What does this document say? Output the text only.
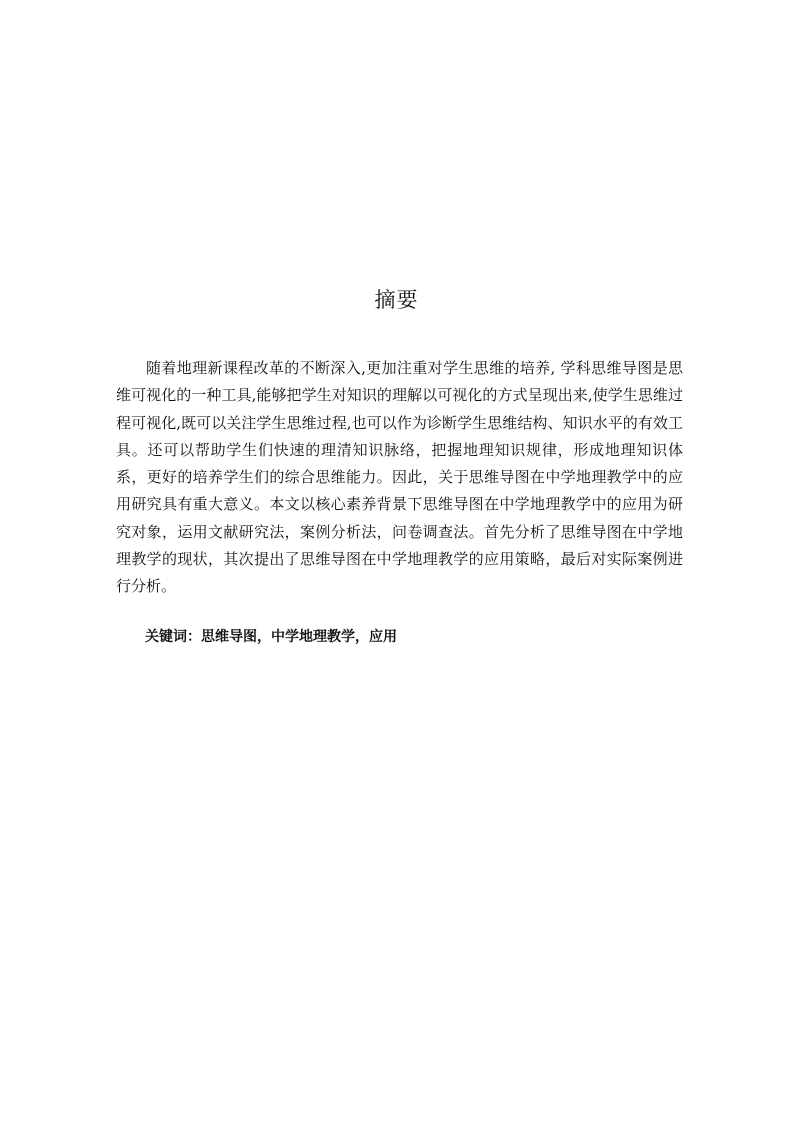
摘要

随着地理新课程改革的不断深入,更加注重对学生思维的培养, 学科思维导图是思维可视化的一种工具,能够把学生对知识的理解以可视化的方式呈现出来,使学生思维过程可视化,既可以关注学生思维过程,也可以作为诊断学生思维结构、知识水平的有效工具。还可以帮助学生们快速的理清知识脉络，把握地理知识规律，形成地理知识体系，更好的培养学生们的综合思维能力。因此，关于思维导图在中学地理教学中的应用研究具有重大意义。本文以核心素养背景下思维导图在中学地理教学中的应用为研究对象，运用文献研究法，案例分析法，问卷调查法。首先分析了思维导图在中学地理教学的现状，其次提出了思维导图在中学地理教学的应用策略，最后对实际案例进行分析。

关键词：思维导图，中学地理教学，应用
